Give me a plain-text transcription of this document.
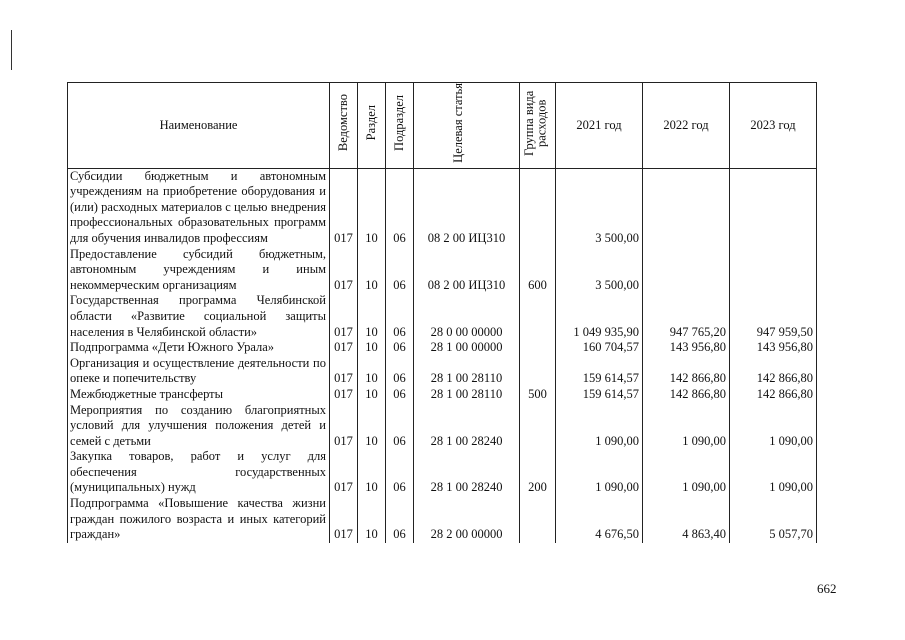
Наименование	Ведомство	Раздел	Подраздел	Целевая статья	Группа вида расходов	2021 год	2022 год	2023 год
Субсидии бюджетным и автономным учреждениям на приобретение оборудования и (или) расходных материалов с целью внедрения профессиональных образовательных программ для обучения инвалидов профессиям	017	10	06	08 2 00 ИЦ310		3 500,00		
Предоставление субсидий бюджетным, автономным учреждениям и иным некоммерческим организациям	017	10	06	08 2 00 ИЦ310	600	3 500,00		
Государственная программа Челябинской области «Развитие социальной защиты населения в Челябинской области»	017	10	06	28 0 00 00000		1 049 935,90	947 765,20	947 959,50
Подпрограмма «Дети Южного Урала»	017	10	06	28 1 00 00000		160 704,57	143 956,80	143 956,80
Организация и осуществление деятельности по опеке и попечительству	017	10	06	28 1 00 28110		159 614,57	142 866,80	142 866,80
Межбюджетные трансферты	017	10	06	28 1 00 28110	500	159 614,57	142 866,80	142 866,80
Мероприятия по созданию благоприятных условий для улучшения положения детей и семей с детьми	017	10	06	28 1 00 28240		1 090,00	1 090,00	1 090,00
Закупка товаров, работ и услуг для обеспечения государственных (муниципальных) нужд	017	10	06	28 1 00 28240	200	1 090,00	1 090,00	1 090,00
Подпрограмма «Повышение качества жизни граждан пожилого возраста и иных категорий граждан»	017	10	06	28 2 00 00000		4 676,50	4 863,40	5 057,70
662
